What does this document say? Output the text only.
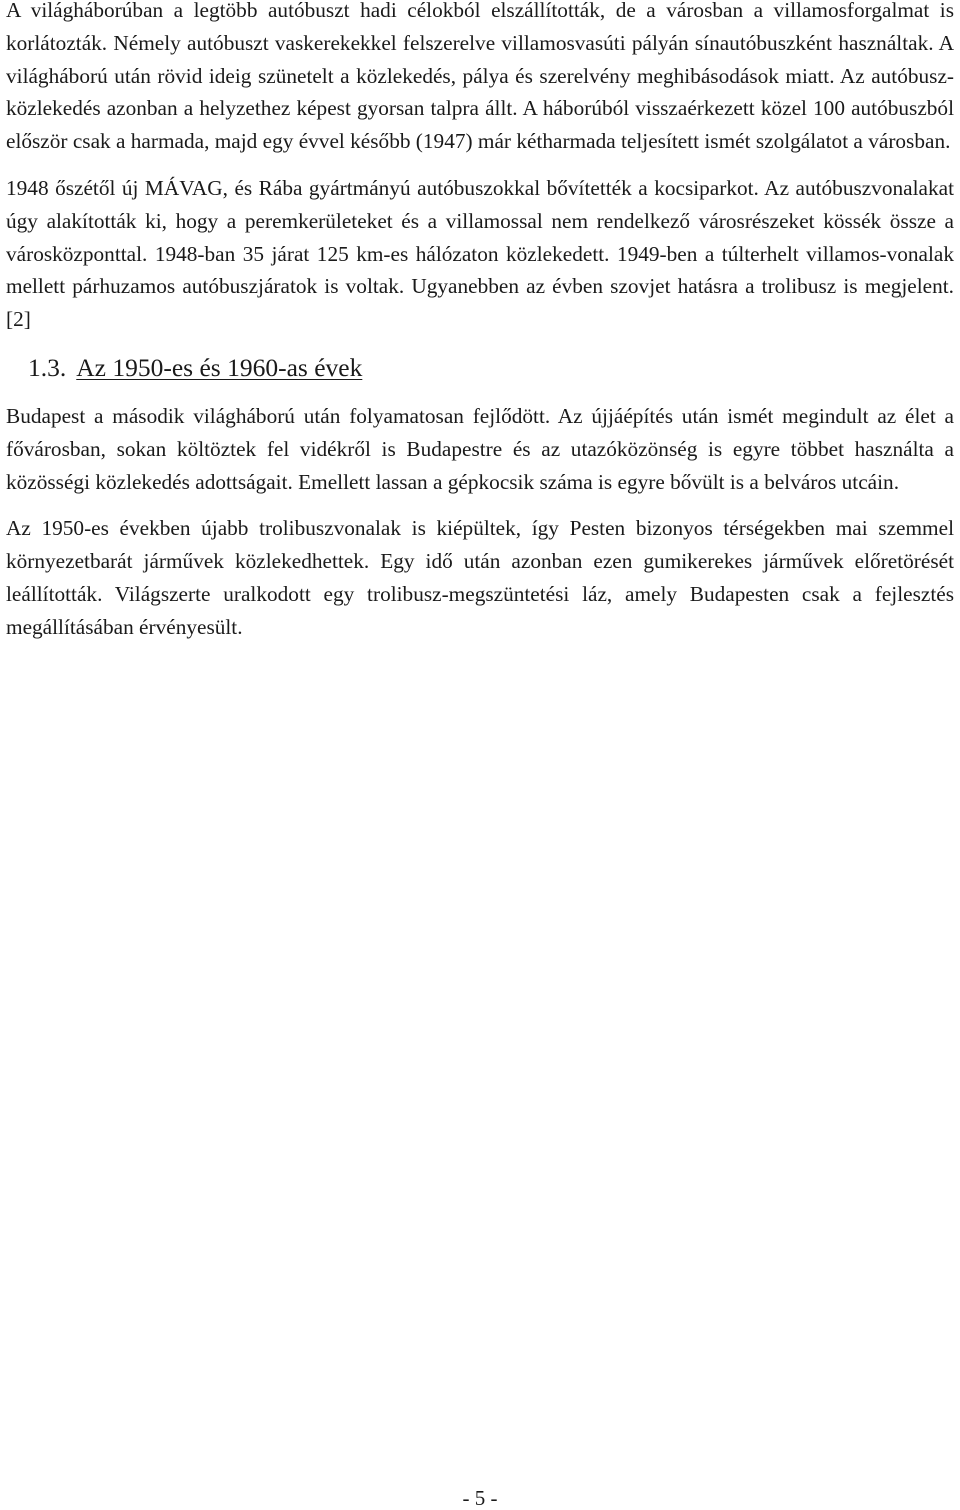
A világháborúban a legtöbb autóbuszt hadi célokból elszállították, de a városban a villamosforgalmat is korlátozták. Némely autóbuszt vaskerekekkel felszerelve villamosvasúti pályán sínautóbuszként használtak. A világháború után rövid ideig szünetelt a közlekedés, pálya és szerelvény meghibásodások miatt. Az autóbusz-közlekedés azonban a helyzethez képest gyorsan talpra állt. A háborúból visszaérkezett közel 100 autóbuszból először csak a harmada, majd egy évvel később (1947) már kétharmada teljesített ismét szolgálatot a városban.

1948 őszétől új MÁVAG, és Rába gyártmányú autóbuszokkal bővítették a kocsiparkot. Az autóbuszvonalakat úgy alakították ki, hogy a peremkerületeket és a villamossal nem rendelkező városrészeket kössék össze a városközponttal. 1948-ban 35 járat 125 km-es hálózaton közlekedett. 1949-ben a túlterhelt villamos-vonalak mellett párhuzamos autóbuszjáratok is voltak. Ugyanebben az évben szovjet hatásra a trolibusz is megjelent.[2]

1.3. Az 1950-es és 1960-as évek

Budapest a második világháború után folyamatosan fejlődött. Az újjáépítés után ismét megindult az élet a fővárosban, sokan költöztek fel vidékről is Budapestre és az utazóközönség is egyre többet használta a közösségi közlekedés adottságait. Emellett lassan a gépkocsik száma is egyre bővült is a belváros utcáin.

Az 1950-es években újabb trolibuszvonalak is kiépültek, így Pesten bizonyos térségekben mai szemmel környezetbarát járművek közlekedhettek. Egy idő után azonban ezen gumikerekes járművek előretörését leállították. Világszerte uralkodott egy trolibusz-megszüntetési láz, amely Budapesten csak a fejlesztés megállításában érvényesült.

- 5 -
